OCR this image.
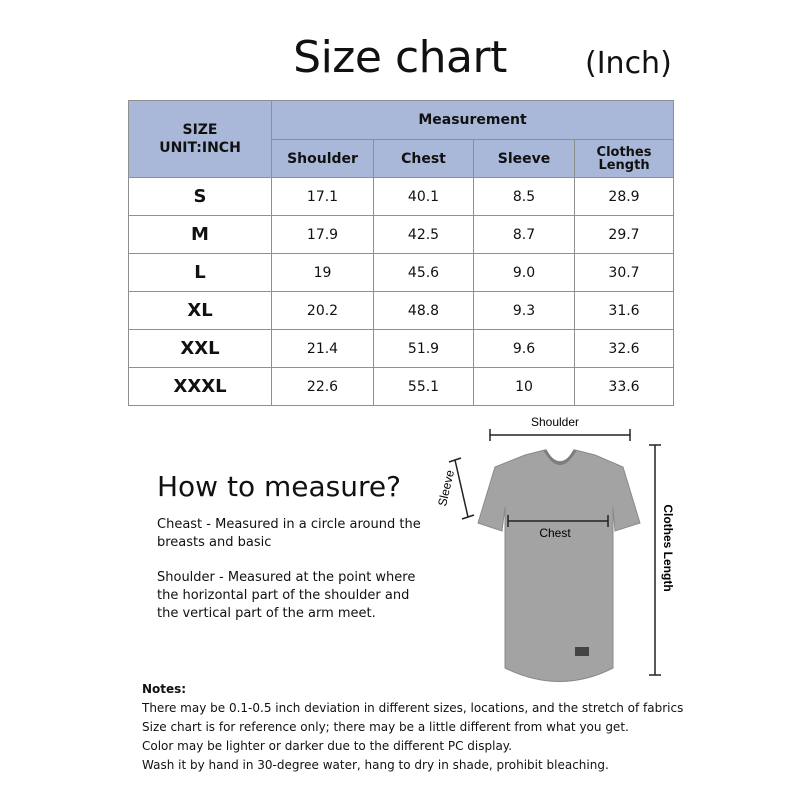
Size chart	(Inch)
SIZE
UNIT:INCH	Measurement			
	Shoulder	Chest	Sleeve	Clothes
Length
S	17.1	40.1	8.5	28.9
M	17.9	42.5	8.7	29.7
L	19	45.6	9.0	30.7
XL	20.2	48.8	9.3	31.6
XXL	21.4	51.9	9.6	32.6
XXXL	22.6	55.1	10	33.6
How to measure?
Cheast - Measured in a circle around the breasts and basic
Shoulder - Measured at the point where the horizontal part of the shoulder and the vertical part of the arm meet.
Shoulder
Chest
Sleeve
Clothes Length
Notes:
There may be 0.1-0.5 inch deviation in different sizes, locations, and the stretch of fabrics
Size chart is for reference only; there may be a little different from what you get.
Color may be lighter or darker due to the different PC display.
Wash it by hand in 30-degree water, hang to dry in shade, prohibit bleaching.
